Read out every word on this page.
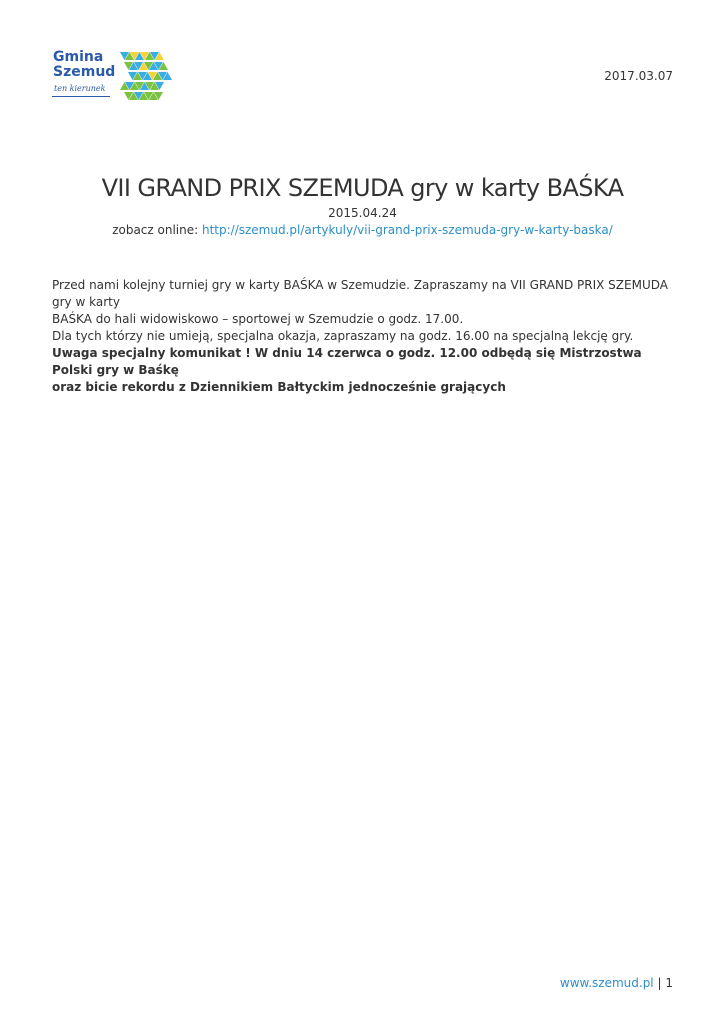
Gmina
Szemud
ten kierunek
2017.03.07
VII GRAND PRIX SZEMUDA gry w karty BAŚKA
2015.04.24
zobacz online: http://szemud.pl/artykuly/vii-grand-prix-szemuda-gry-w-karty-baska/

Przed nami kolejny turniej gry w karty BAŚKA w Szemudzie. Zapraszamy na VII GRAND PRIX SZEMUDA gry w karty

BAŚKA do hali widowiskowo – sportowej w Szemudzie o godz. 17.00.

Dla tych którzy nie umieją, specjalna okazja, zapraszamy na godz. 16.00 na specjalną lekcję gry.

Uwaga specjalny komunikat ! W dniu 14 czerwca o godz. 12.00 odbędą się Mistrzostwa Polski gry w Baśkę

oraz bicie rekordu z Dziennikiem Bałtyckim jednocześnie grających

www.szemud.pl | 1
